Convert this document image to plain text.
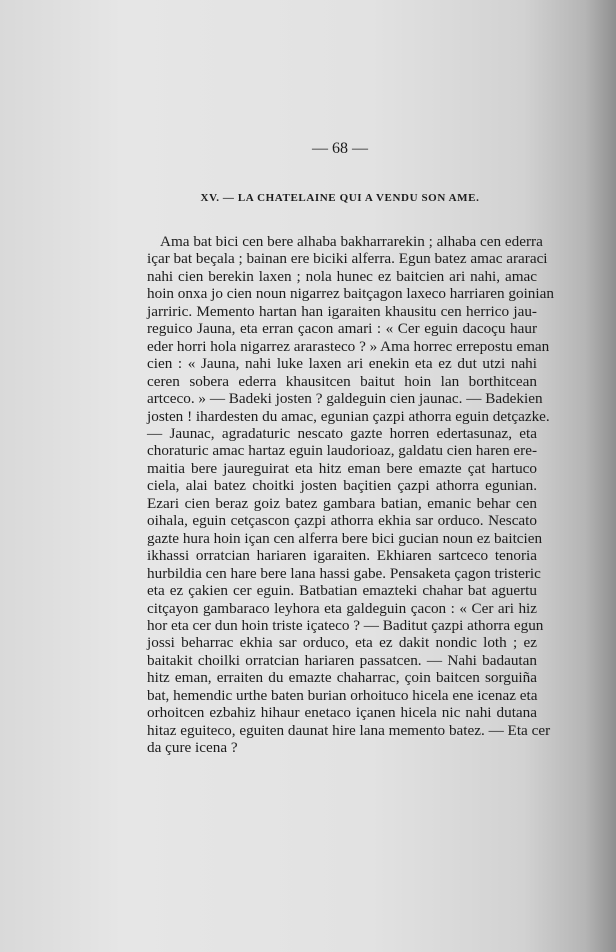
— 68 —
XV. — LA CHATELAINE QUI A VENDU SON AME.
Ama bat bici cen bere alhaba bakharrarekin ; alhaba cen ederra
içar bat beçala ; bainan ere biciki alferra. Egun batez amac araraci
nahi cien berekin laxen ; nola hunec ez baitcien ari nahi, amac
hoin onxa jo cien noun nigarrez baitçagon laxeco harriaren goinian
jarriric. Memento hartan han igaraiten khausitu cen herrico jau-
reguico Jauna, eta erran çacon amari : « Cer eguin dacoçu haur
eder horri hola nigarrez ararasteco ? » Ama horrec errepostu eman
cien : « Jauna, nahi luke laxen ari enekin eta ez dut utzi nahi
ceren sobera ederra khausitcen baitut hoin lan borthitcean
artceco. » — Badeki josten ? galdeguin cien jaunac. — Badekien
josten ! ihardesten du amac, egunian çazpi athorra eguin detçazke.
— Jaunac, agradaturic nescato gazte horren edertasunaz, eta
choraturic amac hartaz eguin laudorioaz, galdatu cien haren ere-
maitia bere jaureguirat eta hitz eman bere emazte çat hartuco
ciela, alai batez choitki josten baçitien çazpi athorra egunian.
Ezari cien beraz goiz batez gambara batian, emanic behar cen
oihala, eguin cetçascon çazpi athorra ekhia sar orduco. Nescato
gazte hura hoin içan cen alferra bere bici gucian noun ez baitcien
ikhassi orratcian hariaren igaraiten. Ekhiaren sartceco tenoria
hurbildia cen hare bere lana hassi gabe. Pensaketa çagon tristeric
eta ez çakien cer eguin. Batbatian emazteki chahar bat aguertu
citçayon gambaraco leyhora eta galdeguin çacon : « Cer ari hiz
hor eta cer dun hoin triste içateco ? — Baditut çazpi athorra egun
jossi beharrac ekhia sar orduco, eta ez dakit nondic loth ; ez
baitakit choilki orratcian hariaren passatcen. — Nahi badautan
hitz eman, erraiten du emazte chaharrac, çoin baitcen sorguiña
bat, hemendic urthe baten burian orhoituco hicela ene icenaz eta
orhoitcen ezbahiz hihaur enetaco içanen hicela nic nahi dutana
hitaz eguiteco, eguiten daunat hire lana memento batez. — Eta cer
da çure icena ?
